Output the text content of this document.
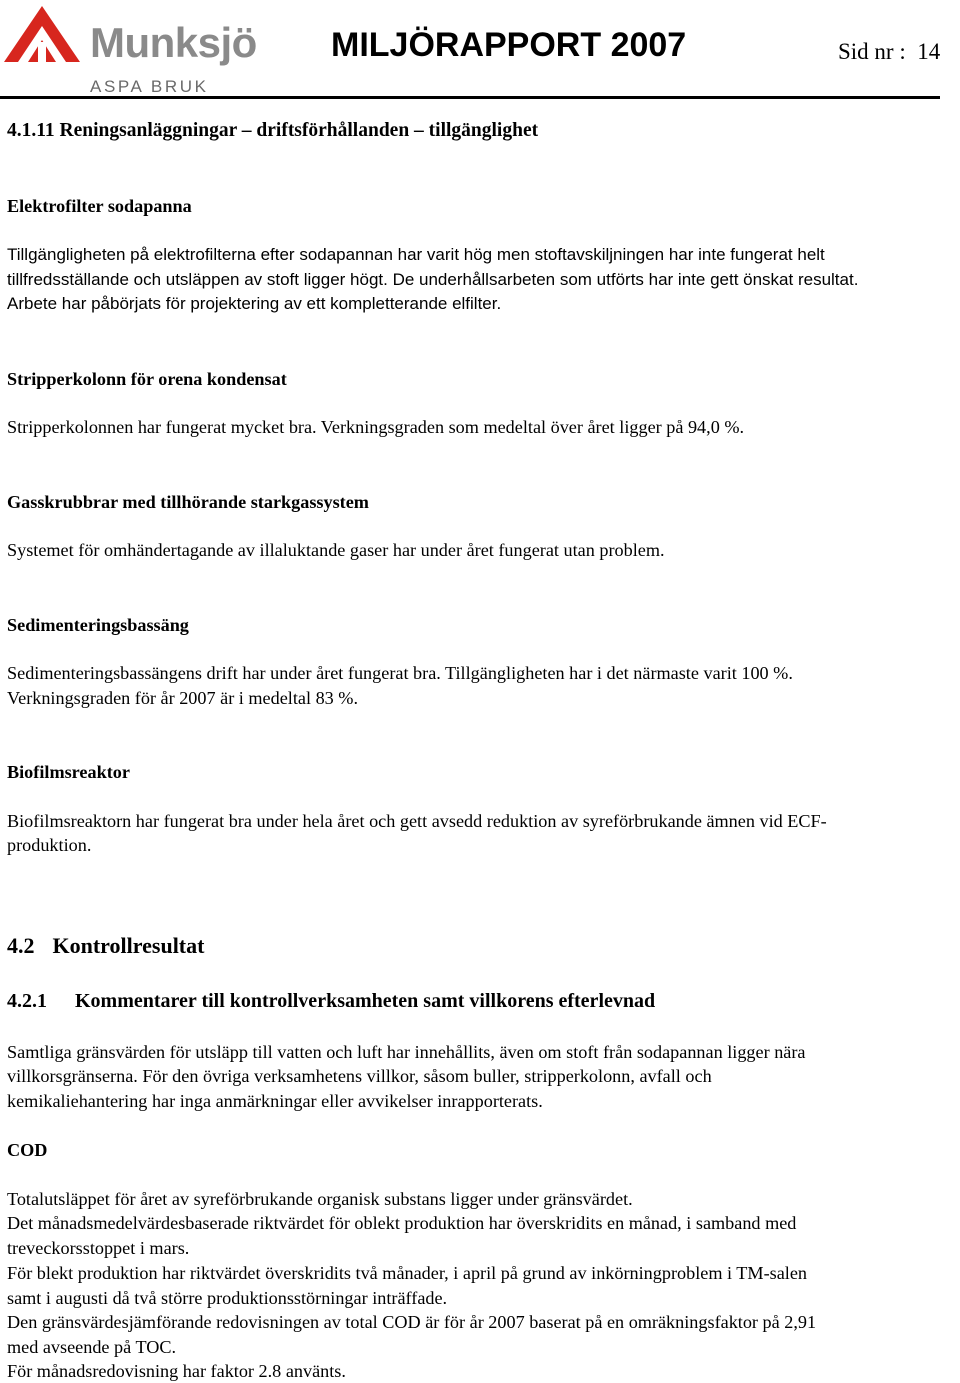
Munksjö
ASPA BRUK
MILJÖRAPPORT 2007	Sid nr : 14
4.1.11 Reningsanläggningar – driftsförhållanden – tillgänglighet
Elektrofilter sodapanna
Tillgängligheten på elektrofilterna efter sodapannan har varit hög men stoftavskiljningen har inte fungerat helt
tillfredsställande och utsläppen av stoft ligger högt. De underhållsarbeten som utförts har inte gett önskat resultat.
Arbete har påbörjats för projektering av ett kompletterande elfilter.
Stripperkolonn för orena kondensat
Stripperkolonnen har fungerat mycket bra. Verkningsgraden som medeltal över året ligger på 94,0 %.
Gasskrubbrar med tillhörande starkgassystem
Systemet för omhändertagande av illaluktande gaser har under året fungerat utan problem.
Sedimenteringsbassäng
Sedimenteringsbassängens drift har under året fungerat bra. Tillgängligheten har i det närmaste varit 100 %.
Verkningsgraden för år 2007 är i medeltal 83 %.
Biofilmsreaktor
Biofilmsreaktorn har fungerat bra under hela året och gett avsedd reduktion av syreförbrukande ämnen vid ECF-
produktion.
4.2 Kontrollresultat
4.2.1 Kommentarer till kontrollverksamheten samt villkorens efterlevnad
Samtliga gränsvärden för utsläpp till vatten och luft har innehållits, även om stoft från sodapannan ligger nära
villkorsgränserna. För den övriga verksamhetens villkor, såsom buller, stripperkolonn, avfall och
kemikaliehantering har inga anmärkningar eller avvikelser inrapporterats.
COD
Totalutsläppet för året av syreförbrukande organisk substans ligger under gränsvärdet.
Det månadsmedelvärdesbaserade riktvärdet för oblekt produktion har överskridits en månad, i samband med
treveckorsstoppet i mars.
För blekt produktion har riktvärdet överskridits två månader, i april på grund av inkörningproblem i TM-salen
samt i augusti då två större produktionsstörningar inträffade.
Den gränsvärdesjämförande redovisningen av total COD är för år 2007 baserat på en omräkningsfaktor på 2,91
med avseende på TOC.
För månadsredovisning har faktor 2.8 använts.
